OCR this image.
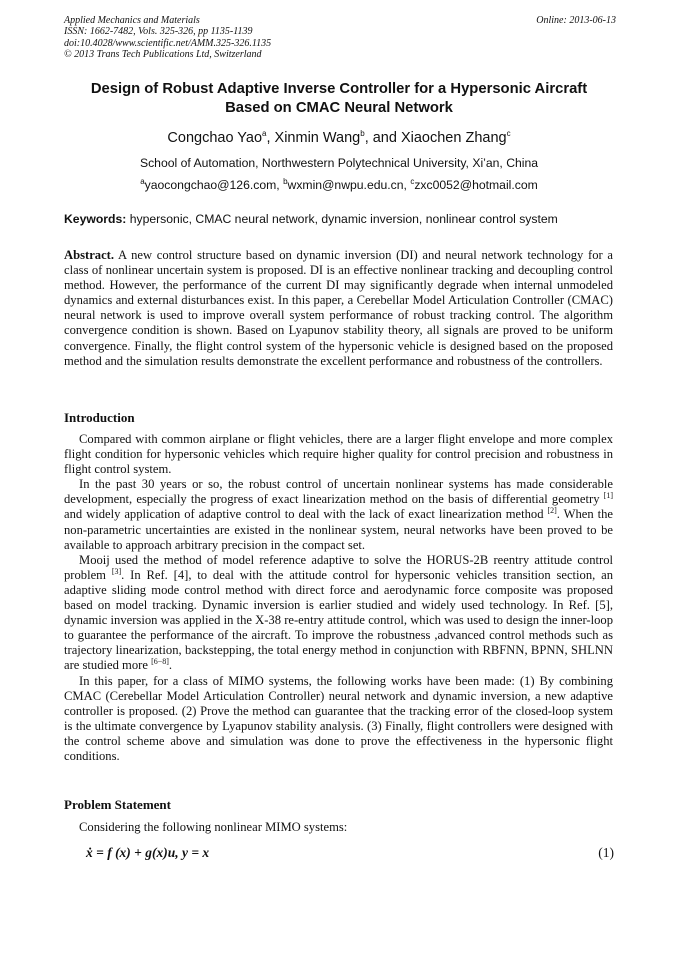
Applied Mechanics and Materials
ISSN: 1662-7482, Vols. 325-326, pp 1135-1139
doi:10.4028/www.scientific.net/AMM.325-326.1135
© 2013 Trans Tech Publications Ltd, Switzerland
Online: 2013-06-13
Design of Robust Adaptive Inverse Controller for a Hypersonic Aircraft
Based on CMAC Neural Network
Congchao Yao$^a$, Xinmin Wang$^b$, and Xiaochen Zhang$^c$
School of Automation, Northwestern Polytechnical University, Xi’an, China
$^a$yaocongchao@126.com, $^b$wxmin@nwpu.edu.cn, $^c$zxc0052@hotmail.com
Keywords: hypersonic, CMAC neural network, dynamic inversion, nonlinear control system
Abstract. A new control structure based on dynamic inversion (DI) and neural network technology for a class of nonlinear uncertain system is proposed. DI is an effective nonlinear tracking and decoupling control method. However, the performance of the current DI may significantly degrade when internal unmodeled dynamics and external disturbances exist. In this paper, a Cerebellar Model Articulation Controller (CMAC) neural network is used to improve overall system performance of robust tracking control. The algorithm convergence condition is shown. Based on Lyapunov stability theory, all signals are proved to be uniform convergence. Finally, the flight control system of the hypersonic vehicle is designed based on the proposed method and the simulation results demonstrate the excellent performance and robustness of the controllers.
Introduction

Compared with common airplane or flight vehicles, there are a larger flight envelope and more complex flight condition for hypersonic vehicles which require higher quality for control precision and robustness in flight control system.

In the past 30 years or so, the robust control of uncertain nonlinear systems has made considerable development, especially the progress of exact linearization method on the basis of differential geometry [1] and widely application of adaptive control to deal with the lack of exact linearization method [2]. When the non-parametric uncertainties are existed in the nonlinear system, neural networks have been proved to be available to approach arbitrary precision in the compact set.

Mooij used the method of model reference adaptive to solve the HORUS-2B reentry attitude control problem [3]. In Ref. [4], to deal with the attitude control for hypersonic vehicles transition section, an adaptive sliding mode control method with direct force and aerodynamic force composite was proposed based on model tracking. Dynamic inversion is earlier studied and widely used technology. In Ref. [5], dynamic inversion was applied in the X-38 re-entry attitude control, which was used to design the inner-loop to guarantee the performance of the aircraft. To improve the robustness ,advanced control methods such as trajectory linearization, backstepping, the total energy method in conjunction with RBFNN, BPNN, SHLNN are studied more [6−8].

In this paper, for a class of MIMO systems, the following works have been made: (1) By combining CMAC (Cerebellar Model Articulation Controller) neural network and dynamic inversion, a new adaptive controller is proposed. (2) Prove the method can guarantee that the tracking error of the closed-loop system is the ultimate convergence by Lyapunov stability analysis. (3) Finally, flight controllers were designed with the control scheme above and simulation was done to prove the effectiveness in the hypersonic flight conditions.

Problem Statement

Considering the following nonlinear MIMO systems:

ẋ = f (x) + g(x)u, y = x	(1)
